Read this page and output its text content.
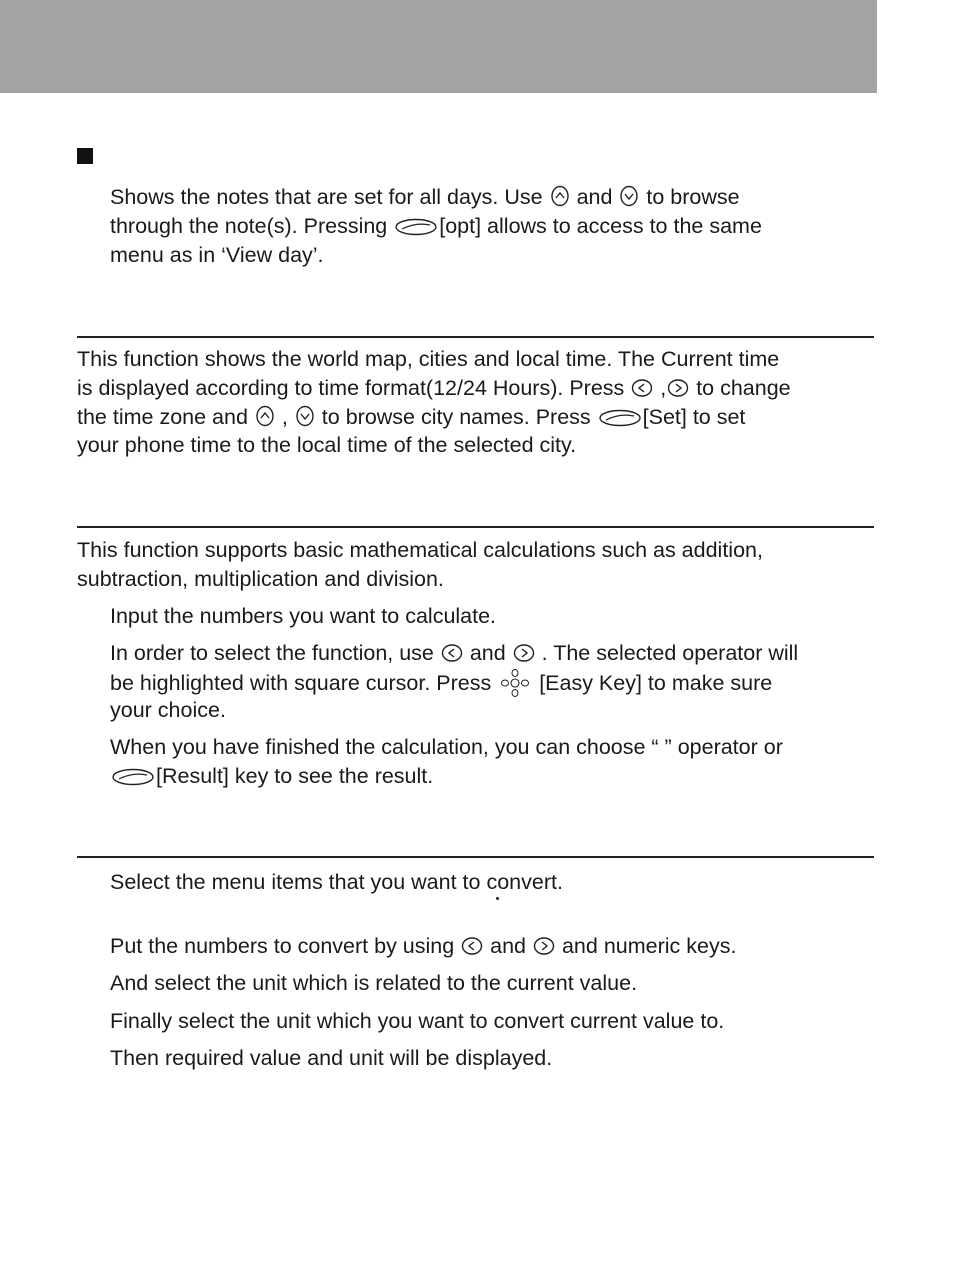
Shows the notes that are set for all days. Use  and  to browse

through the note(s). Pressing [opt] allows to access to the same

menu as in ‘View day’.

This function shows the world map, cities and local time. The Current time

is displayed according to time format(12/24 Hours). Press  , to change

the time zone and  ,  to browse city names. Press [Set] to set

your phone time to the local time of the selected city.

This function supports basic mathematical calculations such as addition,

subtraction, multiplication and division.

Input the numbers you want to calculate.

In order to select the function, use  and  . The selected operator will

be highlighted with square cursor. Press  [Easy Key] to make sure

your choice.

When you have finished the calculation, you can choose “ ” operator or

[Result] key to see the result.

Select the menu items that you want to convert.

Put the numbers to convert by using  and  and numeric keys.

And select the unit which is related to the current value.

Finally select the unit which you want to convert current value to.

Then required value and unit will be displayed.
